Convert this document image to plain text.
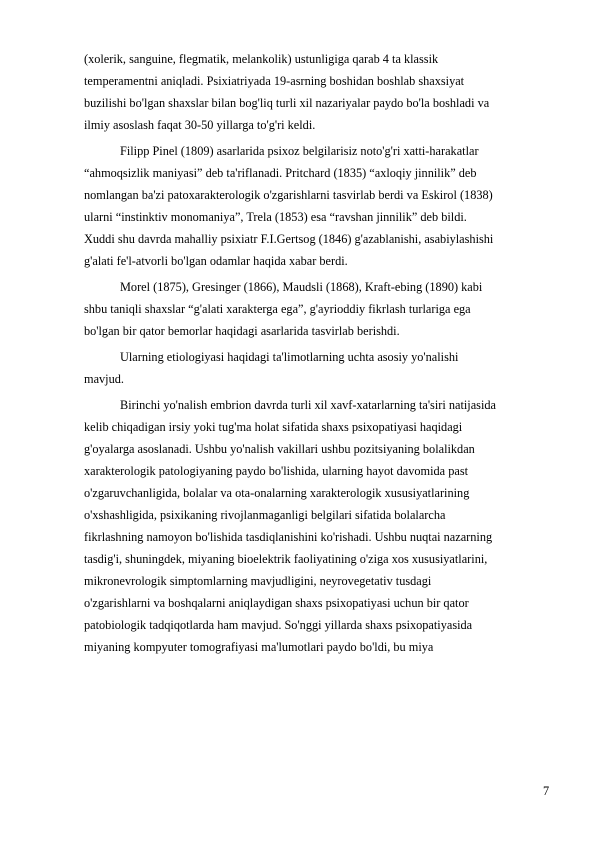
(xolerik, sanguine, flegmatik, melankolik) ustunligiga qarab 4 ta klassik
temperamentni aniqladi. Psixiatriyada 19-asrning boshidan boshlab shaxsiyat
buzilishi bo'lgan shaxslar bilan bog'liq turli xil nazariyalar paydo bo'la boshladi va
ilmiy asoslash faqat 30-50 yillarga to'g'ri keldi.

Filipp Pinel (1809) asarlarida psixoz belgilarisiz noto'g'ri xatti-harakatlar
“ahmoqsizlik maniyasi” deb ta'riflanadi. Pritchard (1835) “axloqiy jinnilik” deb
nomlangan ba'zi patoxarakterologik o'zgarishlarni tasvirlab berdi va Eskirol (1838)
ularni “instinktiv monomaniya”, Trela (1853) esa “ravshan jinnilik” deb bildi.
Xuddi shu davrda mahalliy psixiatr F.I.Gertsog (1846) g'azablanishi, asabiylashishi
g'alati fe'l-atvorli bo'lgan odamlar haqida xabar berdi.

Morel (1875), Gresinger (1866), Maudsli (1868), Kraft-ebing (1890) kabi
shbu taniqli shaxslar “g'alati xarakterga ega”, g'ayrioddiy fikrlash turlariga ega
bo'lgan bir qator bemorlar haqidagi asarlarida tasvirlab berishdi.

Ularning etiologiyasi haqidagi ta'limotlarning uchta asosiy yo'nalishi
mavjud.

Birinchi yo'nalish embrion davrda turli xil xavf-xatarlarning ta'siri natijasida
kelib chiqadigan irsiy yoki tug'ma holat sifatida shaxs psixopatiyasi haqidagi
g'oyalarga asoslanadi. Ushbu yo'nalish vakillari ushbu pozitsiyaning bolalikdan
xarakterologik patologiyaning paydo bo'lishida, ularning hayot davomida past
o'zgaruvchanligida, bolalar va ota-onalarning xarakterologik xususiyatlarining
o'xshashligida, psixikaning rivojlanmaganligi belgilari sifatida bolalarcha
fikrlashning namoyon bo'lishida tasdiqlanishini ko'rishadi. Ushbu nuqtai nazarning
tasdig'i, shuningdek, miyaning bioelektrik faoliyatining o'ziga xos xususiyatlarini,
mikronevrologik simptomlarning mavjudligini, neyrovegetativ tusdagi
o'zgarishlarni va boshqalarni aniqlaydigan shaxs psixopatiyasi uchun bir qator
patobiologik tadqiqotlarda ham mavjud. So'nggi yillarda shaxs psixopatiyasida
miyaning kompyuter tomografiyasi ma'lumotlari paydo bo'ldi, bu miya

7
